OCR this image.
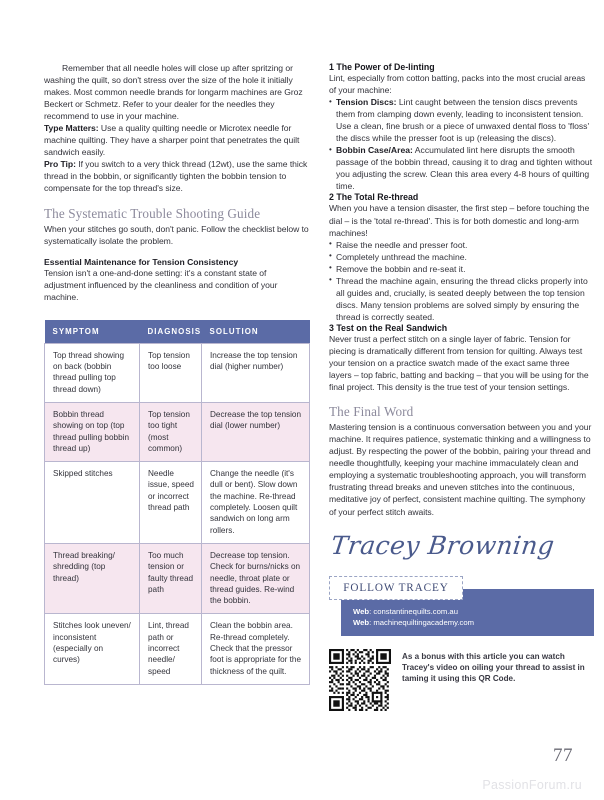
Remember that all needle holes will close up after spritzing or washing the quilt, so don't stress over the size of the hole it initially makes. Most common needle brands for longarm machines are Groz Beckert or Schmetz. Refer to your dealer for the needles they recommend to use in your machine.

Type Matters: Use a quality quilting needle or Microtex needle for machine quilting. They have a sharper point that penetrates the quilt sandwich easily.

Pro Tip: If you switch to a very thick thread (12wt), use the same thick thread in the bobbin, or significantly tighten the bobbin tension to compensate for the top thread's size.

The Systematic Trouble Shooting Guide

When your stitches go south, don't panic. Follow the checklist below to systematically isolate the problem.

Essential Maintenance for Tension Consistency

Tension isn't a one-and-done setting: it's a constant state of adjustment influenced by the cleanliness and condition of your machine.

SYMPTOM	DIAGNOSIS	SOLUTION
Top thread showing on back (bobbin thread pulling top thread down)	Top tension too loose	Increase the top tension dial (higher number)
Bobbin thread showing on top (top thread pulling bobbin thread up)	Top tension too tight (most common)	Decrease the top tension dial (lower number)
Skipped stitches	Needle issue, speed or incorrect thread path	Change the needle (it's dull or bent). Slow down the machine. Re-thread completely. Loosen quilt sandwich on long arm rollers.
Thread breaking/ shredding (top thread)	Too much tension or faulty thread path	Decrease top tension. Check for burns/nicks on needle, throat plate or thread guides. Re-wind the bobbin.
Stitches look uneven/ inconsistent (especially on curves)	Lint, thread path or incorrect needle/ speed	Clean the bobbin area. Re-thread completely. Check that the pressor foot is appropriate for the thickness of the quilt.
1 The Power of De-linting

Lint, especially from cotton batting, packs into the most crucial areas of your machine:

• Tension Discs: Lint caught between the tension discs prevents them from clamping down evenly, leading to inconsistent tension. Use a clean, fine brush or a piece of unwaxed dental floss to 'floss' the discs while the presser foot is up (releasing the discs).
• Bobbin Case/Area: Accumulated lint here disrupts the smooth passage of the bobbin thread, causing it to drag and tighten without you adjusting the screw. Clean this area every 4-8 hours of quilting time.
2 The Total Re-thread

When you have a tension disaster, the first step – before touching the dial – is the 'total re-thread'. This is for both domestic and long-arm machines!

• Raise the needle and presser foot.
• Completely unthread the machine.
• Remove the bobbin and re-seat it.
• Thread the machine again, ensuring the thread clicks properly into all guides and, crucially, is seated deeply between the top tension discs. Many tension problems are solved simply by ensuring the thread is correctly seated.
3 Test on the Real Sandwich

Never trust a perfect stitch on a single layer of fabric. Tension for piecing is dramatically different from tension for quilting. Always test your tension on a practice swatch made of the exact same three layers – top fabric, batting and backing – that you will be using for the final project. This density is the true test of your tension settings.

The Final Word

Mastering tension is a continuous conversation between you and your machine. It requires patience, systematic thinking and a willingness to adjust. By respecting the power of the bobbin, pairing your thread and needle thoughtfully, keeping your machine immaculately clean and employing a systematic troubleshooting approach, you will transform frustrating thread breaks and uneven stitches into the continuous, meditative joy of perfect, consistent machine quilting. The symphony of your perfect stitch awaits.

Tracey Browning
FOLLOW TRACEY
Web: constantinequilts.com.au
Web: machinequiltingacademy.com
As a bonus with this article you can watch Tracey's video on oiling your thread to assist in taming it using this QR Code.
77
PassionForum.ru
